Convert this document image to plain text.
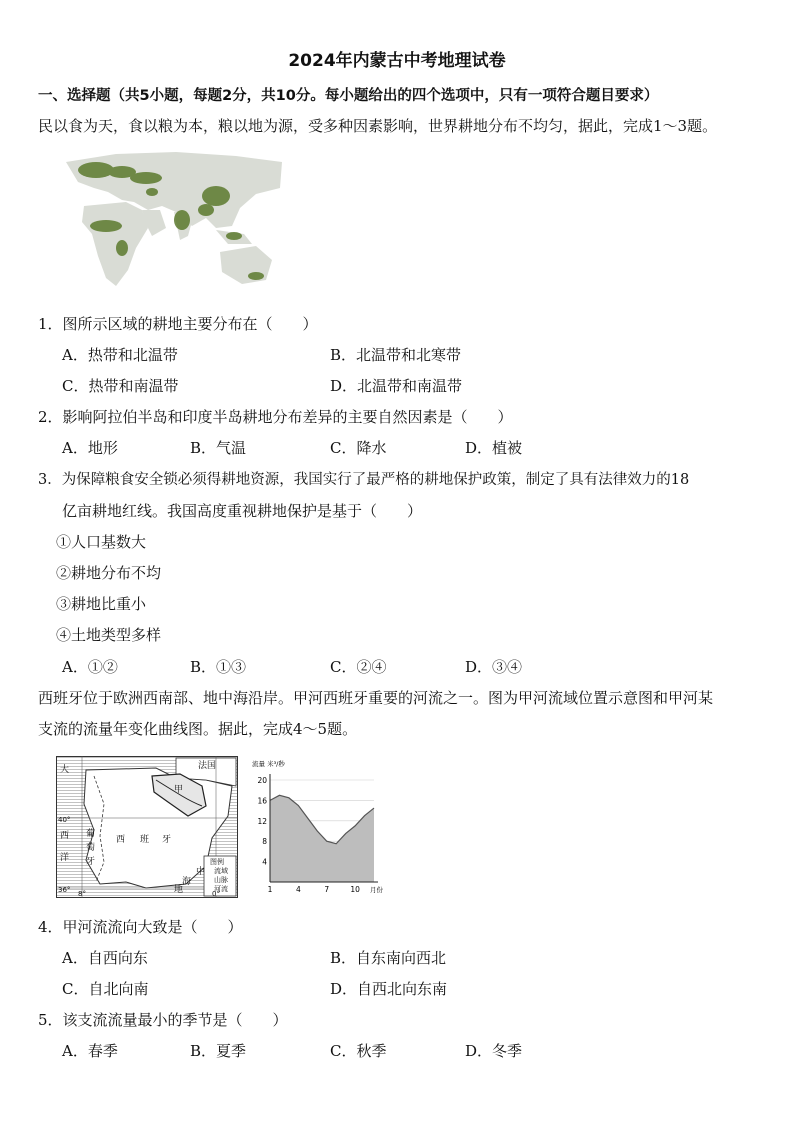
2024年内蒙古中考地理试卷
一、选择题（共5小题，每题2分，共10分。每小题给出的四个选项中，只有一项符合题目要求）
民以食为天，食以粮为本，粮以地为源，受多种因素影响，世界耕地分布不均匀，据此，完成1～3题。
1．图所示区域的耕地主要分布在（　　）
A．热带和北温带	B．北温带和北寒带
C．热带和南温带	D．北温带和南温带
2．影响阿拉伯半岛和印度半岛耕地分布差异的主要自然因素是（　　）
A．地形	B．气温	C．降水	D．植被
3．为保障粮食安全锁必须得耕地资源，我国实行了最严格的耕地保护政策，制定了具有法律效力的18
亿亩耕地红线。我国高度重视耕地保护是基于（　　）
①人口基数大
②耕地分布不均
③耕地比重小
④土地类型多样
A．①②	B．①③	C．②④	D．③④
西班牙位于欧洲西南部、地中海沿岸。甲河西班牙重要的河流之一。图为甲河流域位置示意图和甲河某
支流的流量年变化曲线图。据此，完成4～5题。
大
西
洋
葡
萄
牙
西 班 牙
法国
甲
中
海
地
40°
36° 8°	0°
图例
流域
山脉
河流
4
8
12
16
20
1	4	7	10
流量 米³/秒
月份
4．甲河流流向大致是（　　）
A．自西向东	B．自东南向西北
C．自北向南	D．自西北向东南
5．该支流流量最小的季节是（　　）
A．春季	B．夏季	C．秋季	D．冬季
